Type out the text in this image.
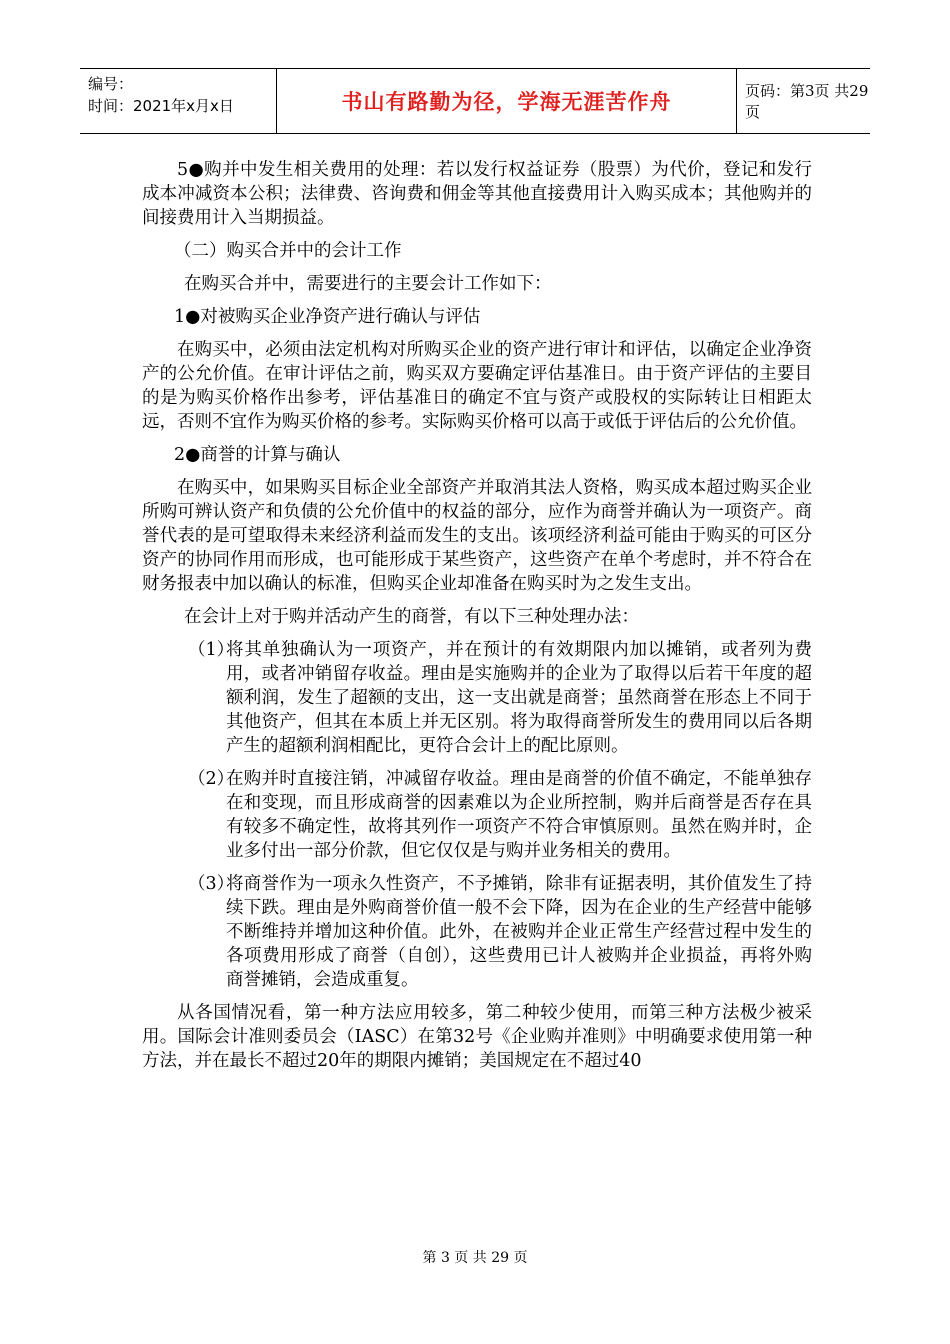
编号：
时间：2021年x月x日	书山有路勤为径，学海无涯苦作舟	页码：第3页 共29页

5●购并中发生相关费用的处理：若以发行权益证券（股票）为代价，登记和发行成本冲减资本公积；法律费、咨询费和佣金等其他直接费用计入购买成本；其他购并的间接费用计入当期损益。

（二）购买合并中的会计工作

在购买合并中，需要进行的主要会计工作如下：

1●对被购买企业净资产进行确认与评估

在购买中，必须由法定机构对所购买企业的资产进行审计和评估，以确定企业净资产的公允价值。在审计评估之前，购买双方要确定评估基准日。由于资产评估的主要目的是为购买价格作出参考，评估基准日的确定不宜与资产或股权的实际转让日相距太远，否则不宜作为购买价格的参考。实际购买价格可以高于或低于评估后的公允价值。

2●商誉的计算与确认

在购买中，如果购买目标企业全部资产并取消其法人资格，购买成本超过购买企业所购可辨认资产和负债的公允价值中的权益的部分，应作为商誉并确认为一项资产。商誉代表的是可望取得未来经济利益而发生的支出。该项经济利益可能由于购买的可区分资产的协同作用而形成，也可能形成于某些资产，这些资产在单个考虑时，并不符合在财务报表中加以确认的标准，但购买企业却准备在购买时为之发生支出。

在会计上对于购并活动产生的商誉，有以下三种处理办法：

（1）
将其单独确认为一项资产，并在预计的有效期限内加以摊销，或者列为费用，或者冲销留存收益。理由是实施购并的企业为了取得以后若干年度的超额利润，发生了超额的支出，这一支出就是商誉；虽然商誉在形态上不同于其他资产，但其在本质上并无区别。将为取得商誉所发生的费用同以后各期产生的超额利润相配比，更符合会计上的配比原则。
（2）
在购并时直接注销，冲减留存收益。理由是商誉的价值不确定，不能单独存在和变现，而且形成商誉的因素难以为企业所控制，购并后商誉是否存在具有较多不确定性，故将其列作一项资产不符合审慎原则。虽然在购并时，企业多付出一部分价款，但它仅仅是与购并业务相关的费用。
（3）
将商誉作为一项永久性资产，不予摊销，除非有证据表明，其价值发生了持续下跌。理由是外购商誉价值一般不会下降，因为在企业的生产经营中能够不断维持并增加这种价值。此外，在被购并企业正常生产经营过程中发生的各项费用形成了商誉（自创），这些费用已计人被购并企业损益，再将外购商誉摊销，会造成重复。

从各国情况看，第一种方法应用较多，第二种较少使用，而第三种方法极少被采用。国际会计准则委员会（IASC）在第32号《企业购并准则》中明确要求使用第一种方法，并在最长不超过20年的期限内摊销；美国规定在不超过40

第 3 页 共 29 页
